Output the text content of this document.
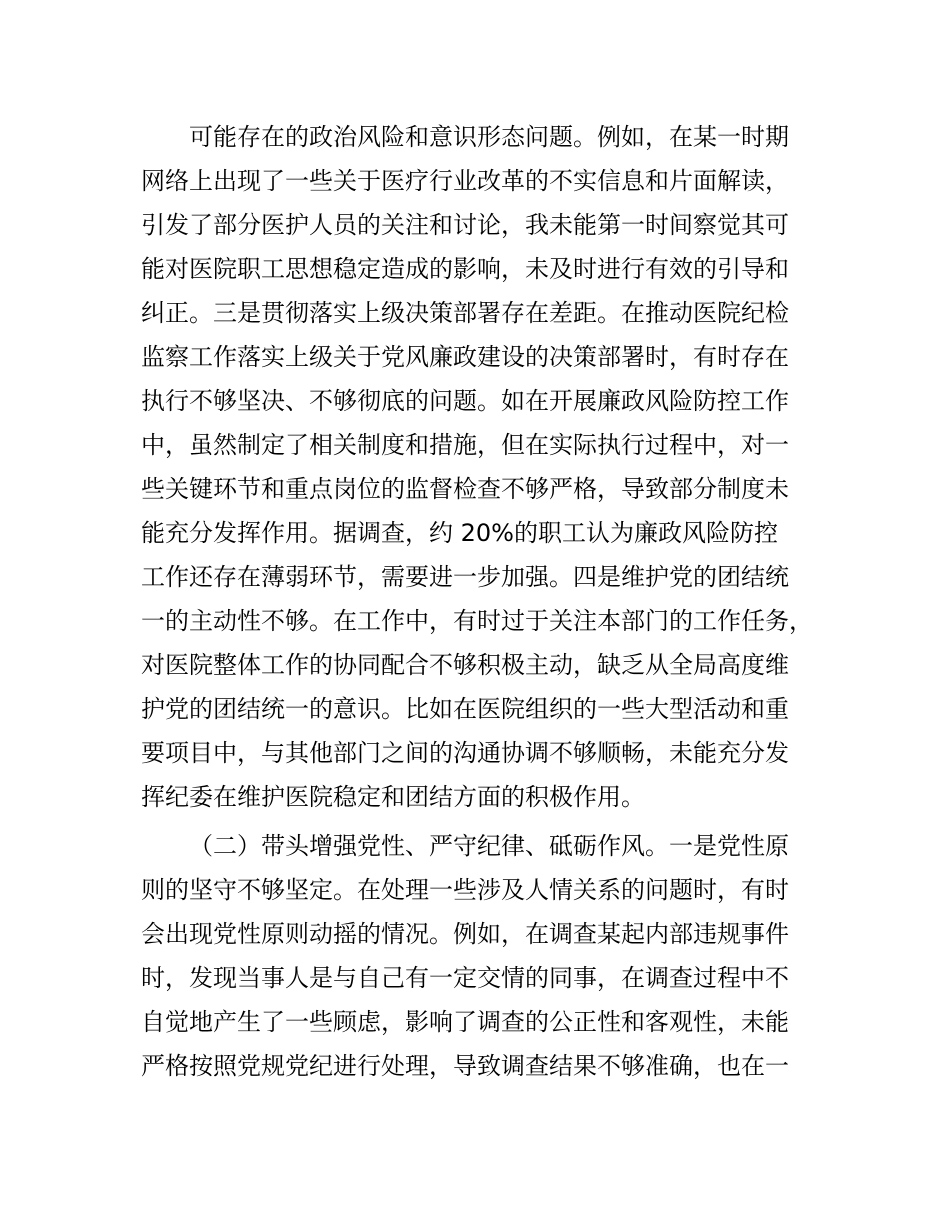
可能存在的政治风险和意识形态问题。例如，在某一时期
网络上出现了一些关于医疗行业改革的不实信息和片面解读，
引发了部分医护人员的关注和讨论，我未能第一时间察觉其可
能对医院职工思想稳定造成的影响，未及时进行有效的引导和
纠正。三是贯彻落实上级决策部署存在差距。在推动医院纪检
监察工作落实上级关于党风廉政建设的决策部署时，有时存在
执行不够坚决、不够彻底的问题。如在开展廉政风险防控工作
中，虽然制定了相关制度和措施，但在实际执行过程中，对一
些关键环节和重点岗位的监督检查不够严格，导致部分制度未
能充分发挥作用。据调查，约 20%的职工认为廉政风险防控
工作还存在薄弱环节，需要进一步加强。四是维护党的团结统
一的主动性不够。在工作中，有时过于关注本部门的工作任务，
对医院整体工作的协同配合不够积极主动，缺乏从全局高度维
护党的团结统一的意识。比如在医院组织的一些大型活动和重
要项目中，与其他部门之间的沟通协调不够顺畅，未能充分发
挥纪委在维护医院稳定和团结方面的积极作用。
（二）带头增强党性、严守纪律、砥砺作风。一是党性原
则的坚守不够坚定。在处理一些涉及人情关系的问题时，有时
会出现党性原则动摇的情况。例如，在调查某起内部违规事件
时，发现当事人是与自己有一定交情的同事，在调查过程中不
自觉地产生了一些顾虑，影响了调查的公正性和客观性，未能
严格按照党规党纪进行处理，导致调查结果不够准确，也在一
